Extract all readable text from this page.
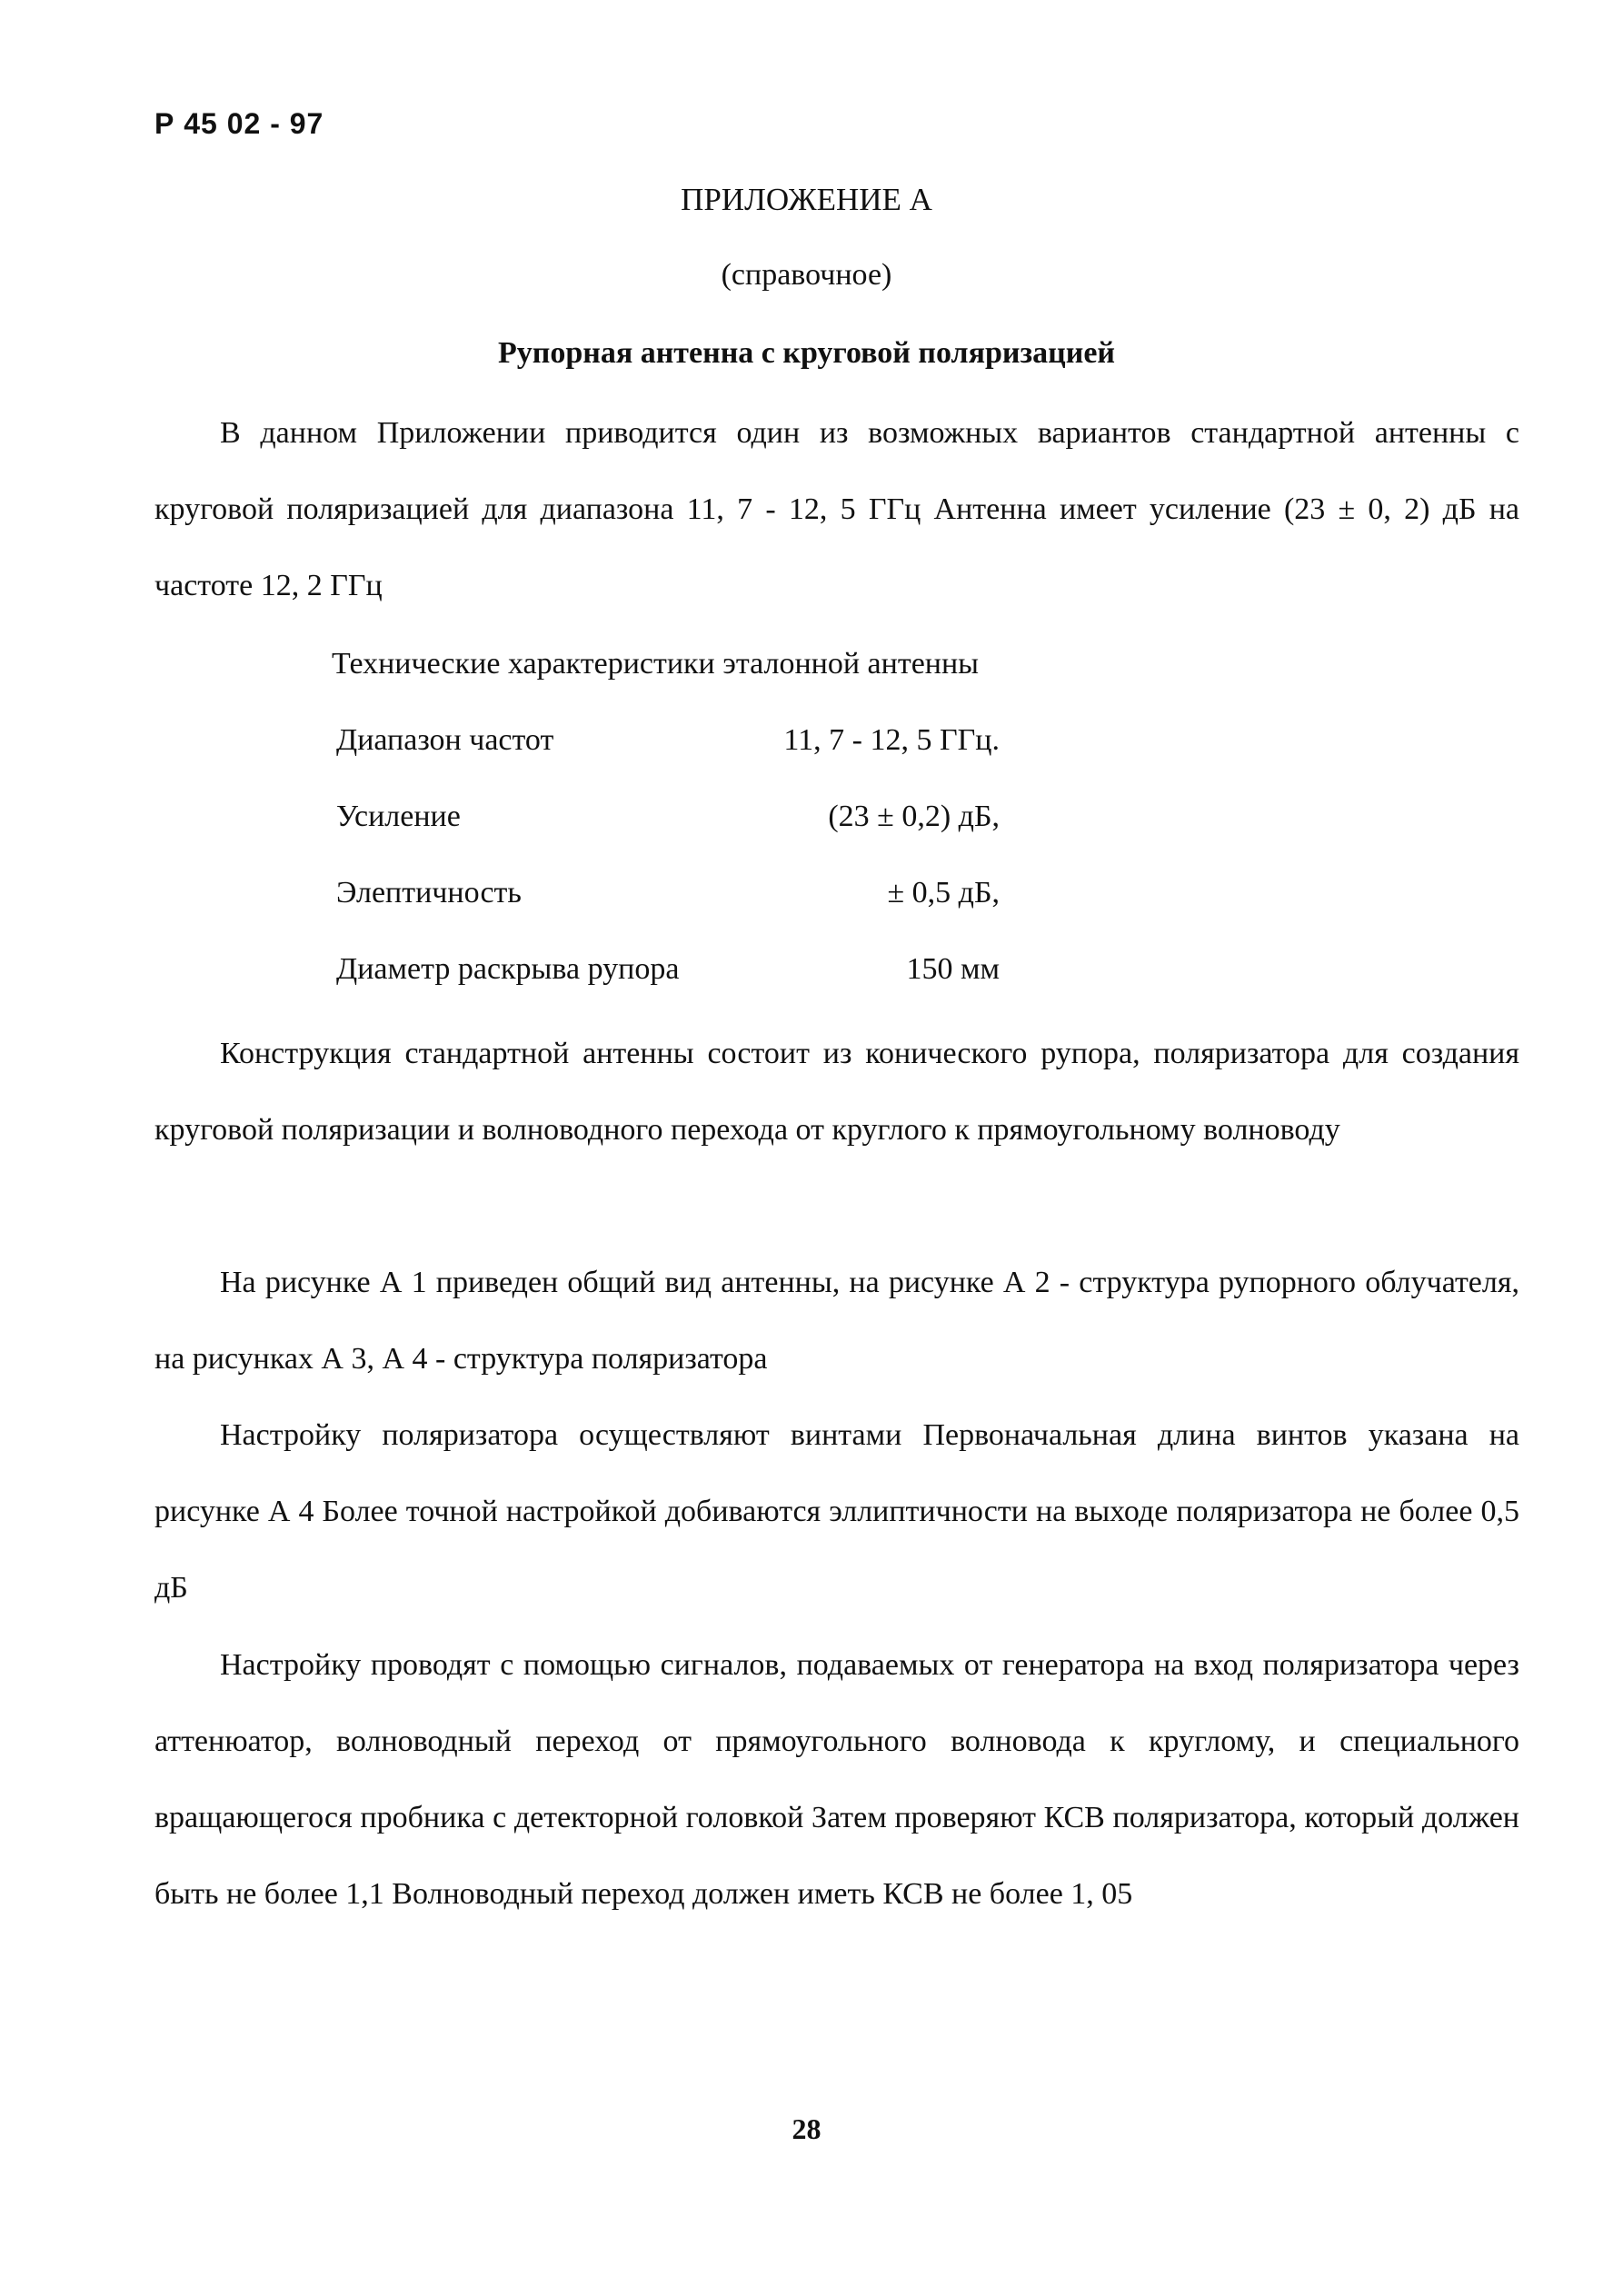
Р 45 02 - 97
ПРИЛОЖЕНИЕ А
(справочное)
Рупорная антенна с круговой поляризацией

В данном Приложении приводится один из возможных вариантов стандартной антенны с круговой поляризацией для диапазона 11, 7 - 12, 5 ГГц Антенна имеет усиление (23 ± 0, 2) дБ на частоте 12, 2 ГГц

Технические характеристики эталонной антенны
Диапазон частот	11, 7 - 12, 5 ГГц.
Усиление	(23 ± 0,2) дБ,
Элептичность	± 0,5 дБ,
Диаметр раскрыва рупора	150 мм

Конструкция стандартной антенны состоит из конического рупора, поляризатора для создания круговой поляризации и волноводного перехода от круглого к прямоугольному волноводу

На рисунке А 1 приведен общий вид антенны, на рисунке А 2 - структура рупорного облучателя, на рисунках А 3, А 4 - структура поляризатора

Настройку поляризатора осуществляют винтами Первоначальная длина винтов указана на рисунке А 4 Более точной настройкой добиваются эллиптичности на выходе поляризатора не более 0,5 дБ

Настройку проводят с помощью сигналов, подаваемых от генератора на вход поляризатора через аттенюатор, волноводный переход от прямоугольного волновода к круглому, и специального вращающегося пробника с детекторной головкой Затем проверяют КСВ поляризатора, который должен быть не более 1,1 Волноводный переход должен иметь КСВ не более 1, 05

28
